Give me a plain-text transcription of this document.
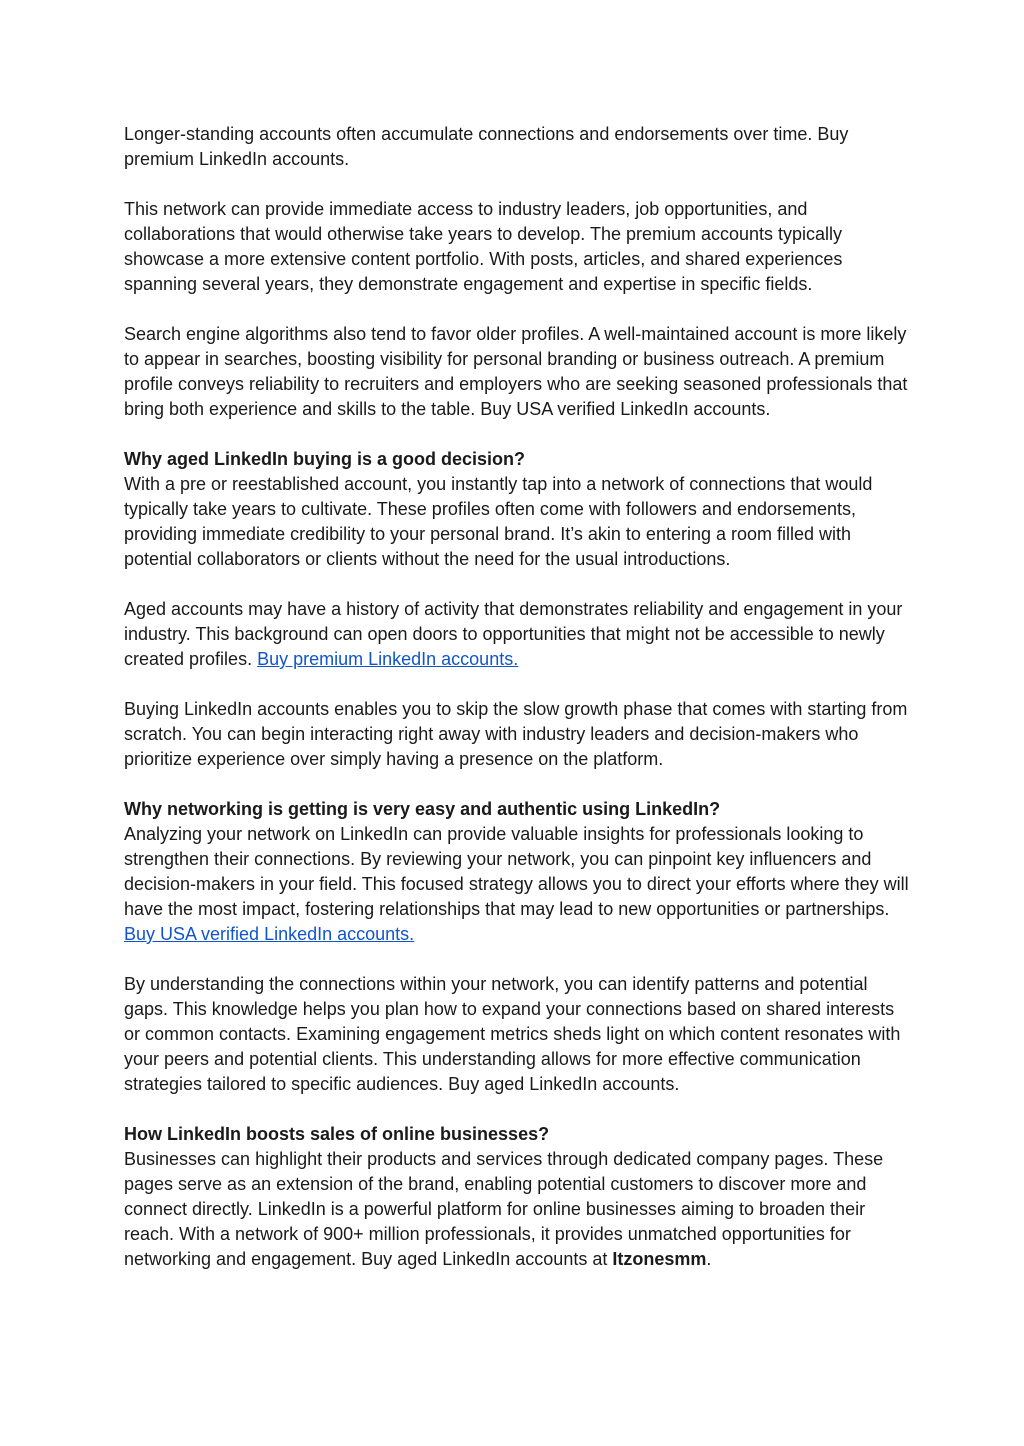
Longer-standing accounts often accumulate connections and endorsements over time. Buy premium LinkedIn accounts.

This network can provide immediate access to industry leaders, job opportunities, and collaborations that would otherwise take years to develop. The premium accounts typically showcase a more extensive content portfolio. With posts, articles, and shared experiences spanning several years, they demonstrate engagement and expertise in specific fields.

Search engine algorithms also tend to favor older profiles. A well-maintained account is more likely to appear in searches, boosting visibility for personal branding or business outreach. A premium profile conveys reliability to recruiters and employers who are seeking seasoned professionals that bring both experience and skills to the table. Buy USA verified LinkedIn accounts.

Why aged LinkedIn buying is a good decision?
With a pre or reestablished account, you instantly tap into a network of connections that would typically take years to cultivate. These profiles often come with followers and endorsements, providing immediate credibility to your personal brand. It’s akin to entering a room filled with potential collaborators or clients without the need for the usual introductions.

Aged accounts may have a history of activity that demonstrates reliability and engagement in your industry. This background can open doors to opportunities that might not be accessible to newly created profiles. Buy premium LinkedIn accounts.

Buying LinkedIn accounts enables you to skip the slow growth phase that comes with starting from scratch. You can begin interacting right away with industry leaders and decision-makers who prioritize experience over simply having a presence on the platform.

Why networking is getting is very easy and authentic using LinkedIn?
Analyzing your network on LinkedIn can provide valuable insights for professionals looking to strengthen their connections. By reviewing your network, you can pinpoint key influencers and decision-makers in your field. This focused strategy allows you to direct your efforts where they will have the most impact, fostering relationships that may lead to new opportunities or partnerships. Buy USA verified LinkedIn accounts.

By understanding the connections within your network, you can identify patterns and potential gaps. This knowledge helps you plan how to expand your connections based on shared interests or common contacts. Examining engagement metrics sheds light on which content resonates with your peers and potential clients. This understanding allows for more effective communication strategies tailored to specific audiences. Buy aged LinkedIn accounts.

How LinkedIn boosts sales of online businesses?
Businesses can highlight their products and services through dedicated company pages. These pages serve as an extension of the brand, enabling potential customers to discover more and connect directly. LinkedIn is a powerful platform for online businesses aiming to broaden their reach. With a network of 900+ million professionals, it provides unmatched opportunities for networking and engagement. Buy aged LinkedIn accounts at Itzonesmm.
